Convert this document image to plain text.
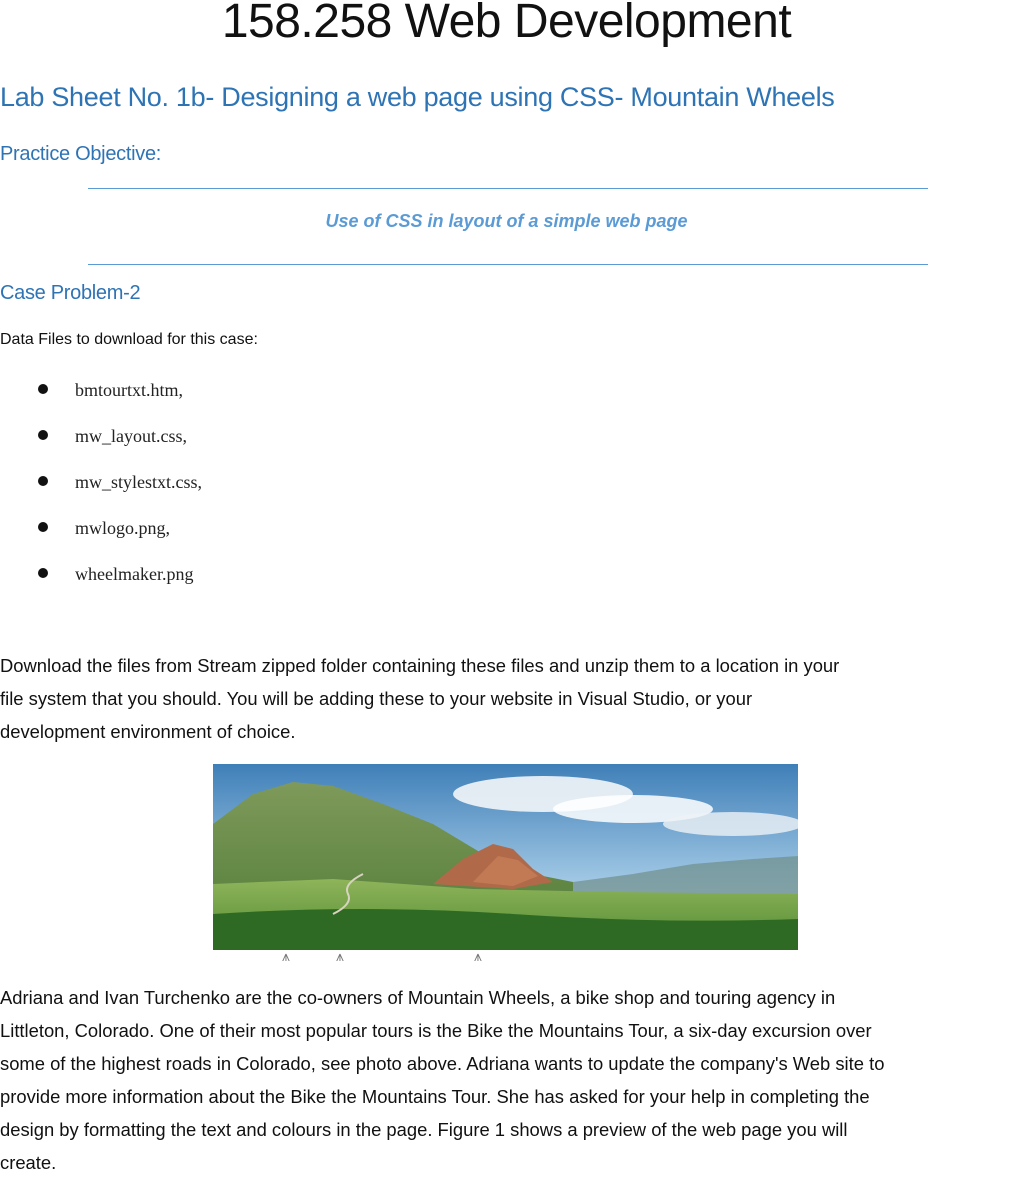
158.258 Web Development
Lab Sheet No. 1b- Designing a web page using CSS- Mountain Wheels
Practice Objective:
Use of CSS in layout of a simple web page
Case Problem-2
Data Files to download for this case:
bmtourtxt.htm,
mw_layout.css,
mw_stylestxt.css,
mwlogo.png,
wheelmaker.png
Download the files from Stream zipped folder containing these files and unzip them to a location in your
file system that you should. You will be adding these to your website in Visual Studio, or your
development environment of choice.
⩚	⩚	⩚
Adriana and Ivan Turchenko are the co-owners of Mountain Wheels, a bike shop and touring agency in
Littleton, Colorado. One of their most popular tours is the Bike the Mountains Tour, a six-day excursion over
some of the highest roads in Colorado, see photo above. Adriana wants to update the company's Web site to
provide more information about the Bike the Mountains Tour. She has asked for your help in completing the
design by formatting the text and colours in the page. Figure 1 shows a preview of the web page you will
create.
